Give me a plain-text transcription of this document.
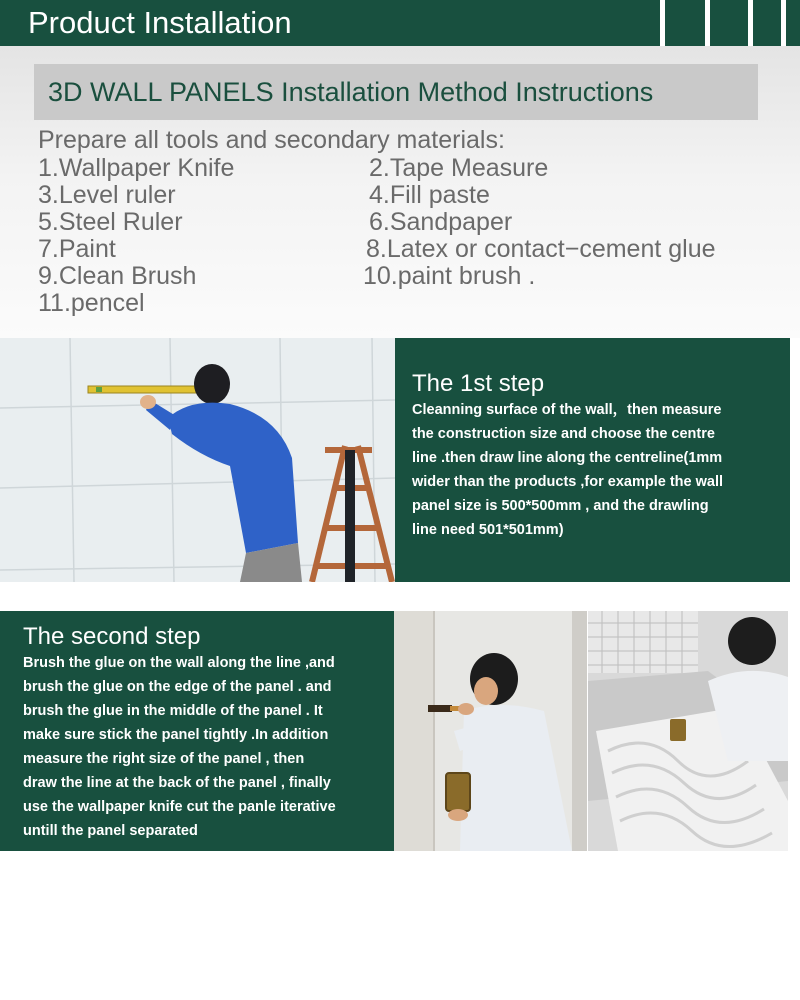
Product Installation
3D WALL PANELS Installation Method Instructions
Prepare all tools and secondary materials:
1.Wallpaper Knife	2.Tape Measure
3.Level ruler	4.Fill paste
5.Steel Ruler	6.Sandpaper
7.Paint	8.Latex or contact−cement glue
9.Clean Brush	10.paint brush .
11.pencel
The 1st step
Cleanning surface of the wall，then measure
the construction size and choose the centre
line .then draw line along the centreline(1mm
wider than the products ,for example the wall
panel size is 500*500mm , and the drawling
line need 501*501mm)
The second step
Brush the glue on the wall along the line ,and
brush the glue on the edge of the panel . and
brush the glue in the middle of the panel . It
make sure stick the panel tightly .In addition
measure the right size of the panel , then
draw the line at the back of the panel , finally
use the wallpaper knife cut the panle iterative
untill the panel separated
